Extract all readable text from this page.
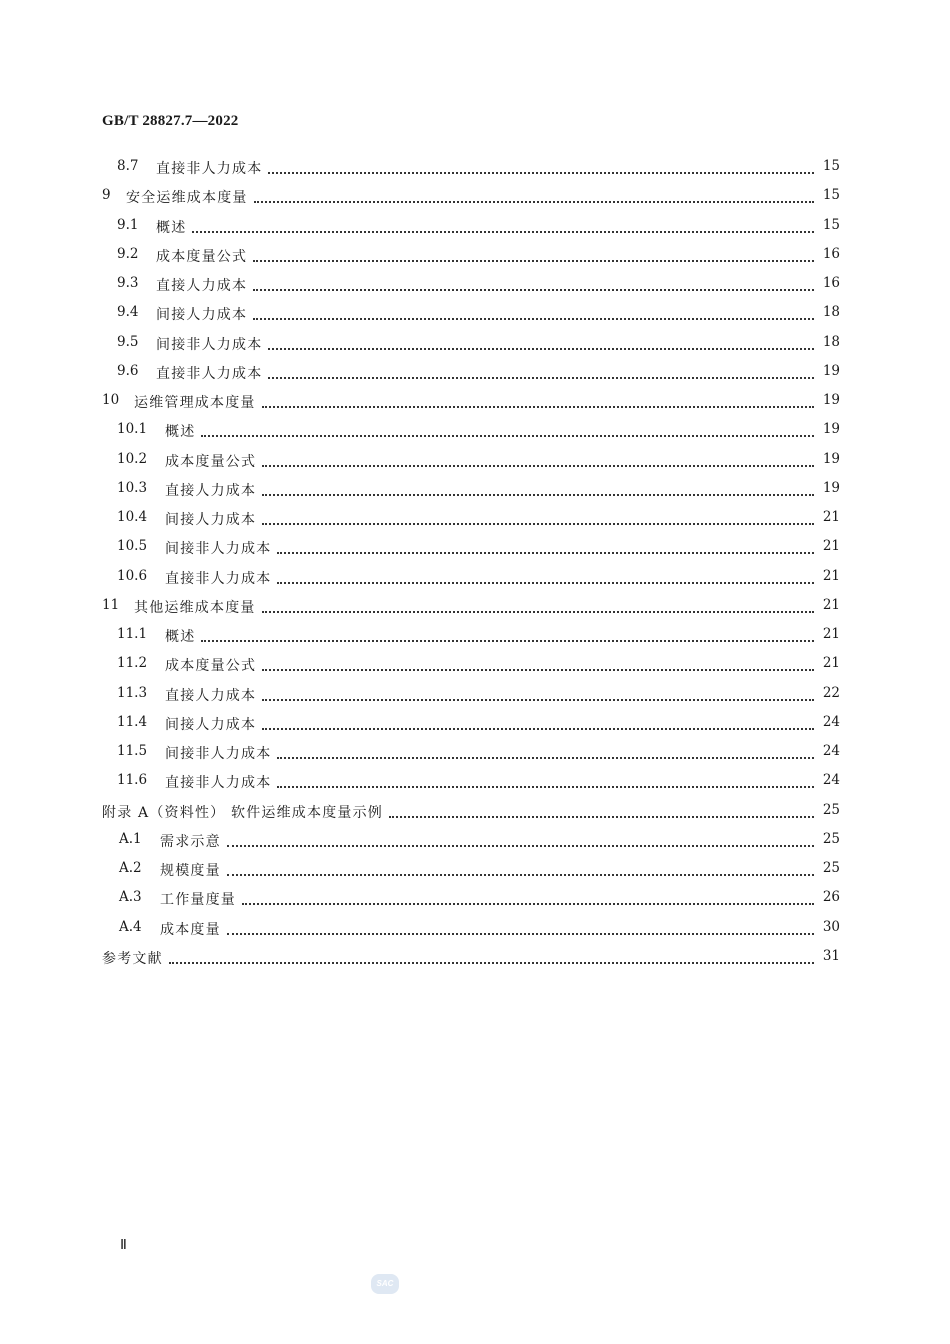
GB/T 28827.7—2022
8.7 直接非人力成本	15
9 安全运维成本度量	15
9.1 概述	15
9.2 成本度量公式	16
9.3 直接人力成本	16
9.4 间接人力成本	18
9.5 间接非人力成本	18
9.6 直接非人力成本	19
10 运维管理成本度量	19
10.1 概述	19
10.2 成本度量公式	19
10.3 直接人力成本	19
10.4 间接人力成本	21
10.5 间接非人力成本	21
10.6 直接非人力成本	21
11 其他运维成本度量	21
11.1 概述	21
11.2 成本度量公式	21
11.3 直接人力成本	22
11.4 间接人力成本	24
11.5 间接非人力成本	24
11.6 直接非人力成本	24
附录 A（资料性） 软件运维成本度量示例	25
A.1 需求示意	25
A.2 规模度量	25
A.3 工作量度量	26
A.4 成本度量	30
参考文献	31
Ⅱ
SAC
